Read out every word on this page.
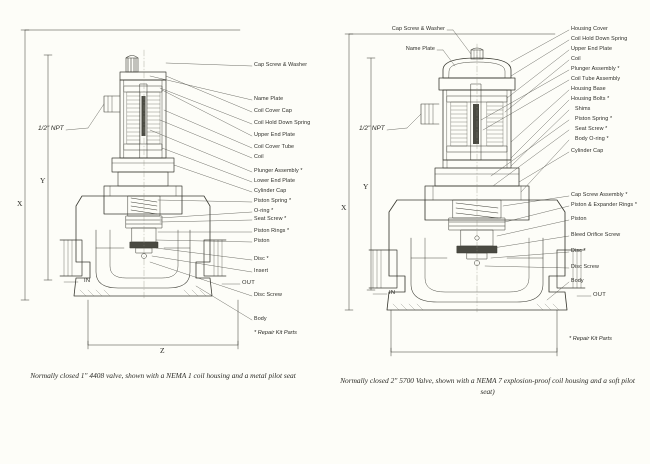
X
Y
Z
1/2" NPT
IN	OUT
Cap Screw & Washer
Name Plate
Coil Cover Cap
Coil Hold Down Spring
Upper End Plate
Coil Cover Tube
Coil
Plunger Assembly *
Lower End Plate
Cylinder Cap
Piston Spring *
O-ring *
Seat Screw *
Piston Rings *
Piston
Disc *
Insert
Disc Screw
Body
* Repair Kit Parts
X
Y
1/2" NPT
IN	OUT
Cap Screw & Washer
Name Plate
Housing Cover
Coil Hold Down Spring
Upper End Plate
Coil
Plunger Assembly *
Coil Tube Assembly
Housing Base
Housing Bolts *
Shims
Piston Spring *
Seat Screw *
Body O-ring *
Cylinder Cap
Cap Screw Assembly *
Piston & Expander Rings *
Piston
Bleed Orifice Screw
Disc *
Disc Screw
Body
* Repair Kit Parts
Normally closed 1" 4408 valve, shown with a NEMA 1 coil housing and a metal pilot seat
Normally closed 2" 5700 Valve, shown with a NEMA 7 explosion-proof coil housing and a soft pilot seat)
